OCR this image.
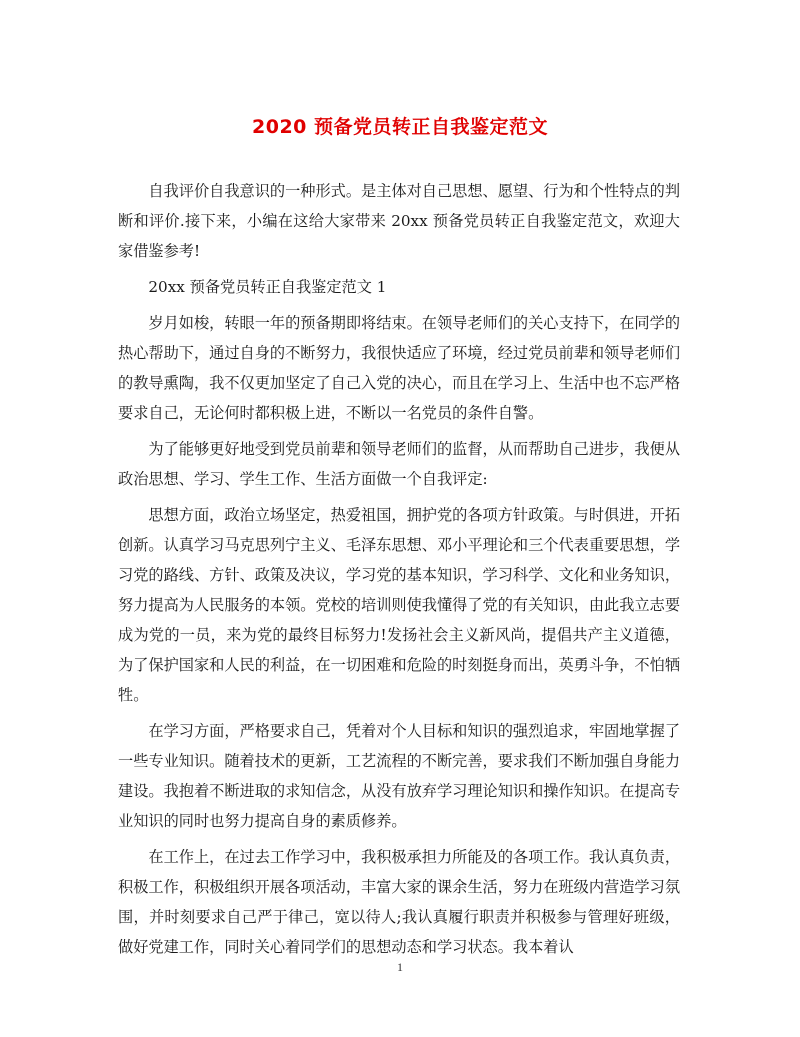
2020 预备党员转正自我鉴定范文

自我评价自我意识的一种形式。是主体对自己思想、愿望、行为和个性特点的判断和评价.接下来，小编在这给大家带来 20xx 预备党员转正自我鉴定范文，欢迎大家借鉴参考!

20xx 预备党员转正自我鉴定范文 1

岁月如梭，转眼一年的预备期即将结束。在领导老师们的关心支持下，在同学的热心帮助下，通过自身的不断努力，我很快适应了环境，经过党员前辈和领导老师们的教导熏陶，我不仅更加坚定了自己入党的决心，而且在学习上、生活中也不忘严格要求自己，无论何时都积极上进，不断以一名党员的条件自警。

为了能够更好地受到党员前辈和领导老师们的监督，从而帮助自己进步，我便从政治思想、学习、学生工作、生活方面做一个自我评定:

思想方面，政治立场坚定，热爱祖国，拥护党的各项方针政策。与时俱进，开拓创新。认真学习马克思列宁主义、毛泽东思想、邓小平理论和三个代表重要思想，学习党的路线、方针、政策及决议，学习党的基本知识，学习科学、文化和业务知识，努力提高为人民服务的本领。党校的培训则使我懂得了党的有关知识，由此我立志要成为党的一员，来为党的最终目标努力!发扬社会主义新风尚，提倡共产主义道德，为了保护国家和人民的利益，在一切困难和危险的时刻挺身而出，英勇斗争，不怕牺牲。

在学习方面，严格要求自己，凭着对个人目标和知识的强烈追求，牢固地掌握了一些专业知识。随着技术的更新，工艺流程的不断完善，要求我们不断加强自身能力建设。我抱着不断进取的求知信念，从没有放弃学习理论知识和操作知识。在提高专业知识的同时也努力提高自身的素质修养。

在工作上，在过去工作学习中，我积极承担力所能及的各项工作。我认真负责，积极工作，积极组织开展各项活动，丰富大家的课余生活，努力在班级内营造学习氛围，并时刻要求自己严于律己，宽以待人;我认真履行职责并积极参与管理好班级，做好党建工作，同时关心着同学们的思想动态和学习状态。我本着认

1
